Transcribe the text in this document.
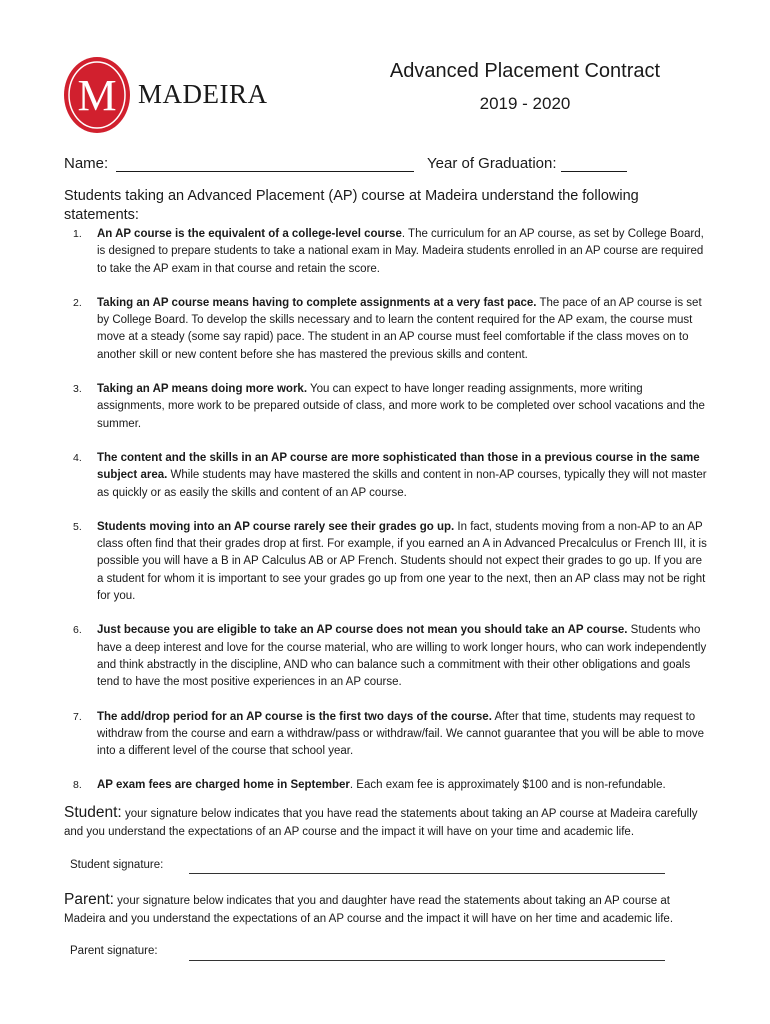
M MADEIRA
Advanced Placement Contract
2019 - 2020
Name:	Year of Graduation:
Students taking an Advanced Placement (AP) course at Madeira understand the following statements:
1. An AP course is the equivalent of a college-level course. The curriculum for an AP course, as set by College Board, is designed to prepare students to take a national exam in May. Madeira students enrolled in an AP course are required to take the AP exam in that course and retain the score.
2. Taking an AP course means having to complete assignments at a very fast pace. The pace of an AP course is set by College Board. To develop the skills necessary and to learn the content required for the AP exam, the course must move at a steady (some say rapid) pace. The student in an AP course must feel comfortable if the class moves on to another skill or new content before she has mastered the previous skills and content.
3. Taking an AP means doing more work. You can expect to have longer reading assignments, more writing assignments, more work to be prepared outside of class, and more work to be completed over school vacations and the summer.
4. The content and the skills in an AP course are more sophisticated than those in a previous course in the same subject area. While students may have mastered the skills and content in non-AP courses, typically they will not master as quickly or as easily the skills and content of an AP course.
5. Students moving into an AP course rarely see their grades go up. In fact, students moving from a non-AP to an AP class often find that their grades drop at first. For example, if you earned an A in Advanced Precalculus or French III, it is possible you will have a B in AP Calculus AB or AP French. Students should not expect their grades to go up. If you are a student for whom it is important to see your grades go up from one year to the next, then an AP class may not be right for you.
6. Just because you are eligible to take an AP course does not mean you should take an AP course. Students who have a deep interest and love for the course material, who are willing to work longer hours, who can work independently and think abstractly in the discipline, AND who can balance such a commitment with their other obligations and goals tend to have the most positive experiences in an AP course.
7. The add/drop period for an AP course is the first two days of the course. After that time, students may request to withdraw from the course and earn a withdraw/pass or withdraw/fail. We cannot guarantee that you will be able to move into a different level of the course that school year.
8. AP exam fees are charged home in September. Each exam fee is approximately $100 and is non-refundable.
Student: your signature below indicates that you have read the statements about taking an AP course at Madeira carefully and you understand the expectations of an AP course and the impact it will have on your time and academic life.
Student signature:
Parent: your signature below indicates that you and daughter have read the statements about taking an AP course at Madeira and you understand the expectations of an AP course and the impact it will have on her time and academic life.
Parent signature:
